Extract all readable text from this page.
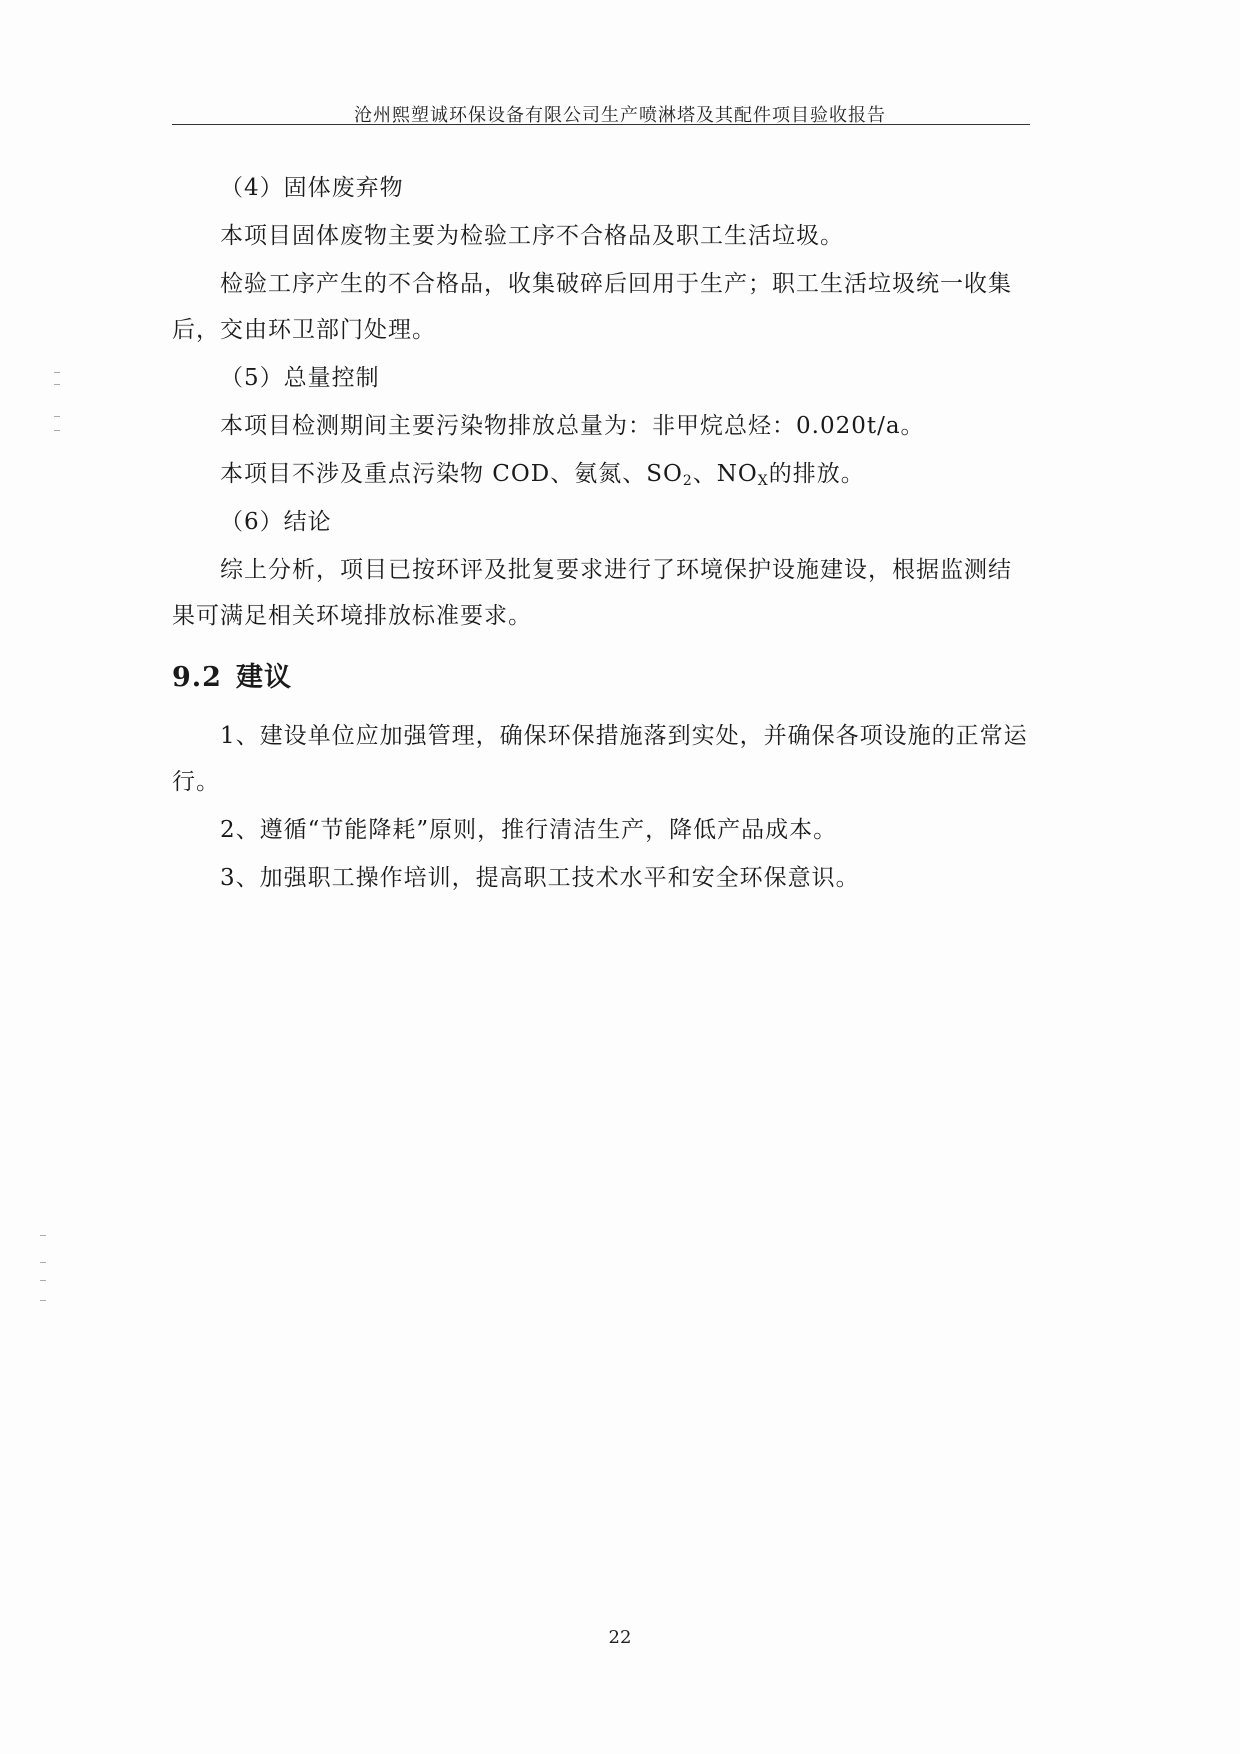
沧州熙塑诚环保设备有限公司生产喷淋塔及其配件项目验收报告

（4）固体废弃物

本项目固体废物主要为检验工序不合格品及职工生活垃圾。

检验工序产生的不合格品，收集破碎后回用于生产；职工生活垃圾统一收集后，交由环卫部门处理。

（5）总量控制

本项目检测期间主要污染物排放总量为：非甲烷总烃：0.020t/a。

本项目不涉及重点污染物 COD、氨氮、$SO_2$、$NO_X$的排放。

（6）结论

综上分析，项目已按环评及批复要求进行了环境保护设施建设，根据监测结果可满足相关环境排放标准要求。

9.2 建议

1、建设单位应加强管理，确保环保措施落到实处，并确保各项设施的正常运行。

2、遵循“节能降耗”原则，推行清洁生产，降低产品成本。

3、加强职工操作培训，提高职工技术水平和安全环保意识。

22
